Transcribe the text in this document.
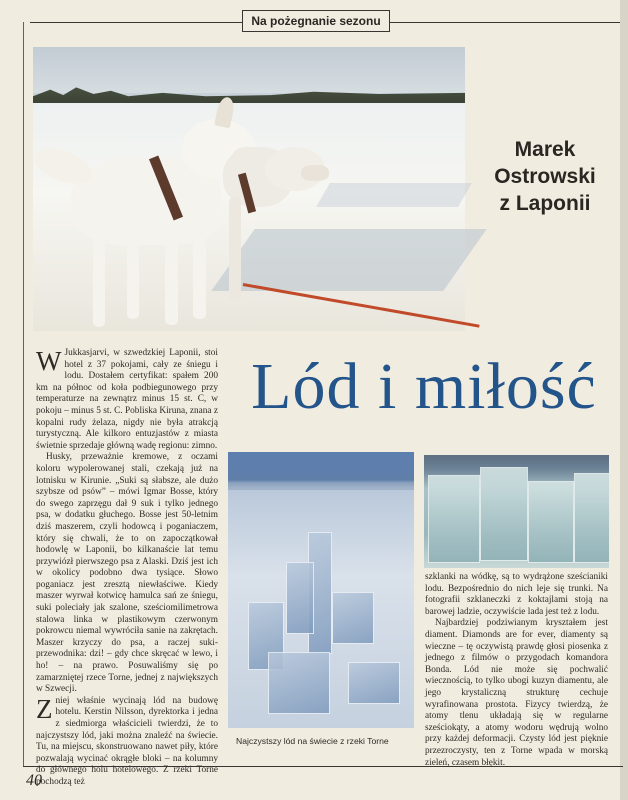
Na pożegnanie sezonu
Marek
Ostrowski
z Laponii
Lód i miłość

W Jukkasjarvi, w szwedzkiej Laponii, stoi hotel z 37 pokojami, cały ze śniegu i lodu. Dostałem certyfikat: spałem 200 km na północ od koła podbiegunowego przy temperaturze na zewnątrz minus 15 st. C, w pokoju – minus 5 st. C. Pobliska Kiruna, znana z kopalni rudy żelaza, nigdy nie była atrakcją turystyczną. Ale kilkoro entuzjastów z miasta świetnie sprzedaje główną wadę regionu: zimno.

Husky, przeważnie kremowe, z oczami koloru wypolerowanej stali, czekają już na lotnisku w Kirunie. „Suki są słabsze, ale dużo szybsze od psów” – mówi Igmar Bosse, który do swego zaprzęgu dał 9 suk i tylko jednego psa, w dodatku głuchego. Bosse jest 50-letnim dziś maszerem, czyli hodowcą i poganiaczem, który się chwali, że to on zapoczątkował hodowlę w Laponii, bo kilkanaście lat temu przywiózł pierwszego psa z Alaski. Dziś jest ich w okolicy podobno dwa tysiące. Słowo poganiacz jest zresztą niewłaściwe. Kiedy maszer wyrwał kotwicę hamulca sań ze śniegu, suki poleciały jak szalone, sześciomilimetrowa stalowa linka w plastikowym czerwonym pokrowcu niemal wywróciła sanie na zakrętach. Maszer krzyczy do psa, a raczej suki-przewodnika: dzi! – gdy chce skręcać w lewo, i ho! – na prawo. Posuwaliśmy się po zamarzniętej rzece Torne, jednej z największych w Szwecji.

Zniej właśnie wycinają lód na budowę hotelu. Kerstin Nilsson, dyrektorka i jedna z siedmiorga właścicieli twierdzi, że to najczystszy lód, jaki można znaleźć na świecie. Tu, na miejscu, skonstruowano nawet piły, które pozwalają wycinać okrągłe bloki – na kolumny do głównego holu hotelowego. Z rzeki Torne pochodzą też

Najczystszy lód na świecie z rzeki Torne

szklanki na wódkę, są to wydrążone sześcianiki lodu. Bezpośrednio do nich leje się trunki. Na fotografii szklaneczki z koktajlami stoją na barowej ladzie, oczywiście lada jest też z lodu.

Najbardziej podziwianym kryształem jest diament. Diamonds are for ever, diamenty są wieczne – tę oczywistą prawdę głosi piosenka z jednego z filmów o przygodach komandora Bonda. Lód nie może się pochwalić wiecznością, to tylko ubogi kuzyn diamentu, ale jego krystaliczną strukturę cechuje wyrafinowana prostota. Fizycy twierdzą, że atomy tlenu układają się w regularne sześciokąty, a atomy wodoru wędrują wolno przy każdej deformacji. Czysty lód jest pięknie przezroczysty, ten z Torne wpada w morską zieleń, czasem błękit.

40
